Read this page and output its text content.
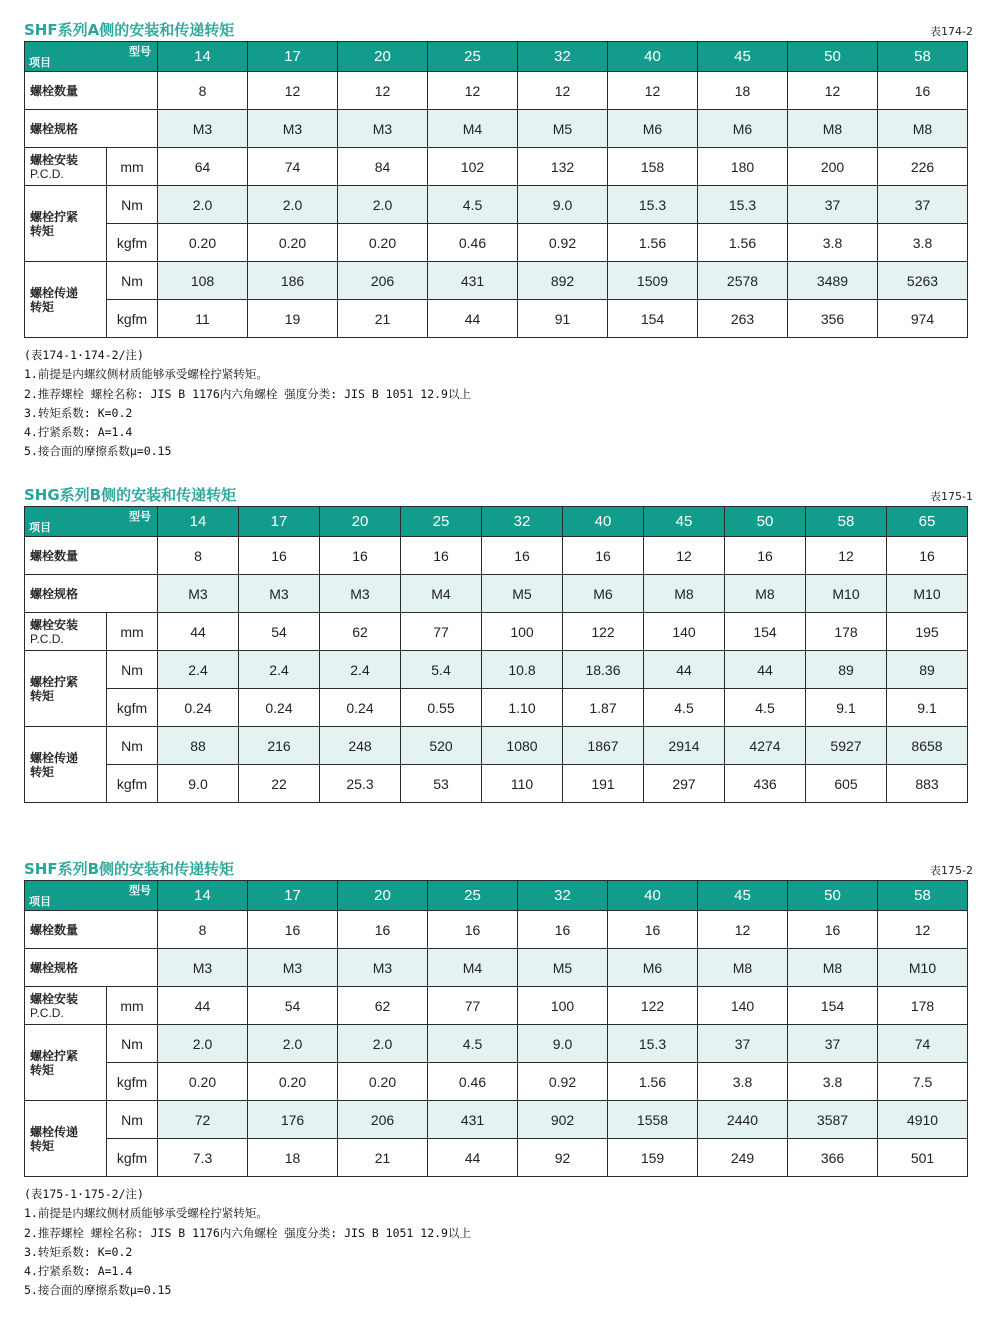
SHF系列A侧的安装和传递转矩	表174-2
型号
项目		14	17	20	25	32	40	45	50	58
螺栓数量		8	12	12	12	12	12	18	12	16
螺栓规格		M3	M3	M3	M4	M5	M6	M6	M8	M8

螺栓安装
P.C.D.	mm	64	74	84	102	132	158	180	200	226

螺栓拧紧
转矩	Nm	2.0	2.0	2.0	4.5	9.0	15.3	15.3	37	37
	kgfm	0.20	0.20	0.20	0.46	0.92	1.56	1.56	3.8	3.8

螺栓传递
转矩	Nm	108	186	206	431	892	1509	2578	3489	5263
	kgfm	11	19	21	44	91	154	263	356	974
(表174-1·174-2/注)
1.前提是内螺纹侧材质能够承受螺栓拧紧转矩。
2.推荐螺栓 螺栓名称: JIS B 1176内六角螺栓 强度分类: JIS B 1051 12.9以上
3.转矩系数: K=0.2
4.拧紧系数: A=1.4
5.接合面的摩擦系数μ=0.15
SHG系列B侧的安装和传递转矩	表175-1
型号
项目		14	17	20	25	32	40	45	50	58	65
螺栓数量		8	16	16	16	16	16	12	16	12	16
螺栓规格		M3	M3	M3	M4	M5	M6	M8	M8	M10	M10

螺栓安装
P.C.D.	mm	44	54	62	77	100	122	140	154	178	195

螺栓拧紧
转矩	Nm	2.4	2.4	2.4	5.4	10.8	18.36	44	44	89	89
	kgfm	0.24	0.24	0.24	0.55	1.10	1.87	4.5	4.5	9.1	9.1

螺栓传递
转矩	Nm	88	216	248	520	1080	1867	2914	4274	5927	8658
	kgfm	9.0	22	25.3	53	110	191	297	436	605	883
SHF系列B侧的安装和传递转矩	表175-2
型号
项目		14	17	20	25	32	40	45	50	58
螺栓数量		8	16	16	16	16	16	12	16	12
螺栓规格		M3	M3	M3	M4	M5	M6	M8	M8	M10

螺栓安装
P.C.D.	mm	44	54	62	77	100	122	140	154	178

螺栓拧紧
转矩	Nm	2.0	2.0	2.0	4.5	9.0	15.3	37	37	74
	kgfm	0.20	0.20	0.20	0.46	0.92	1.56	3.8	3.8	7.5

螺栓传递
转矩	Nm	72	176	206	431	902	1558	2440	3587	4910
	kgfm	7.3	18	21	44	92	159	249	366	501
(表175-1·175-2/注)
1.前提是内螺纹侧材质能够承受螺栓拧紧转矩。
2.推荐螺栓 螺栓名称: JIS B 1176内六角螺栓 强度分类: JIS B 1051 12.9以上
3.转矩系数: K=0.2
4.拧紧系数: A=1.4
5.接合面的摩擦系数μ=0.15
